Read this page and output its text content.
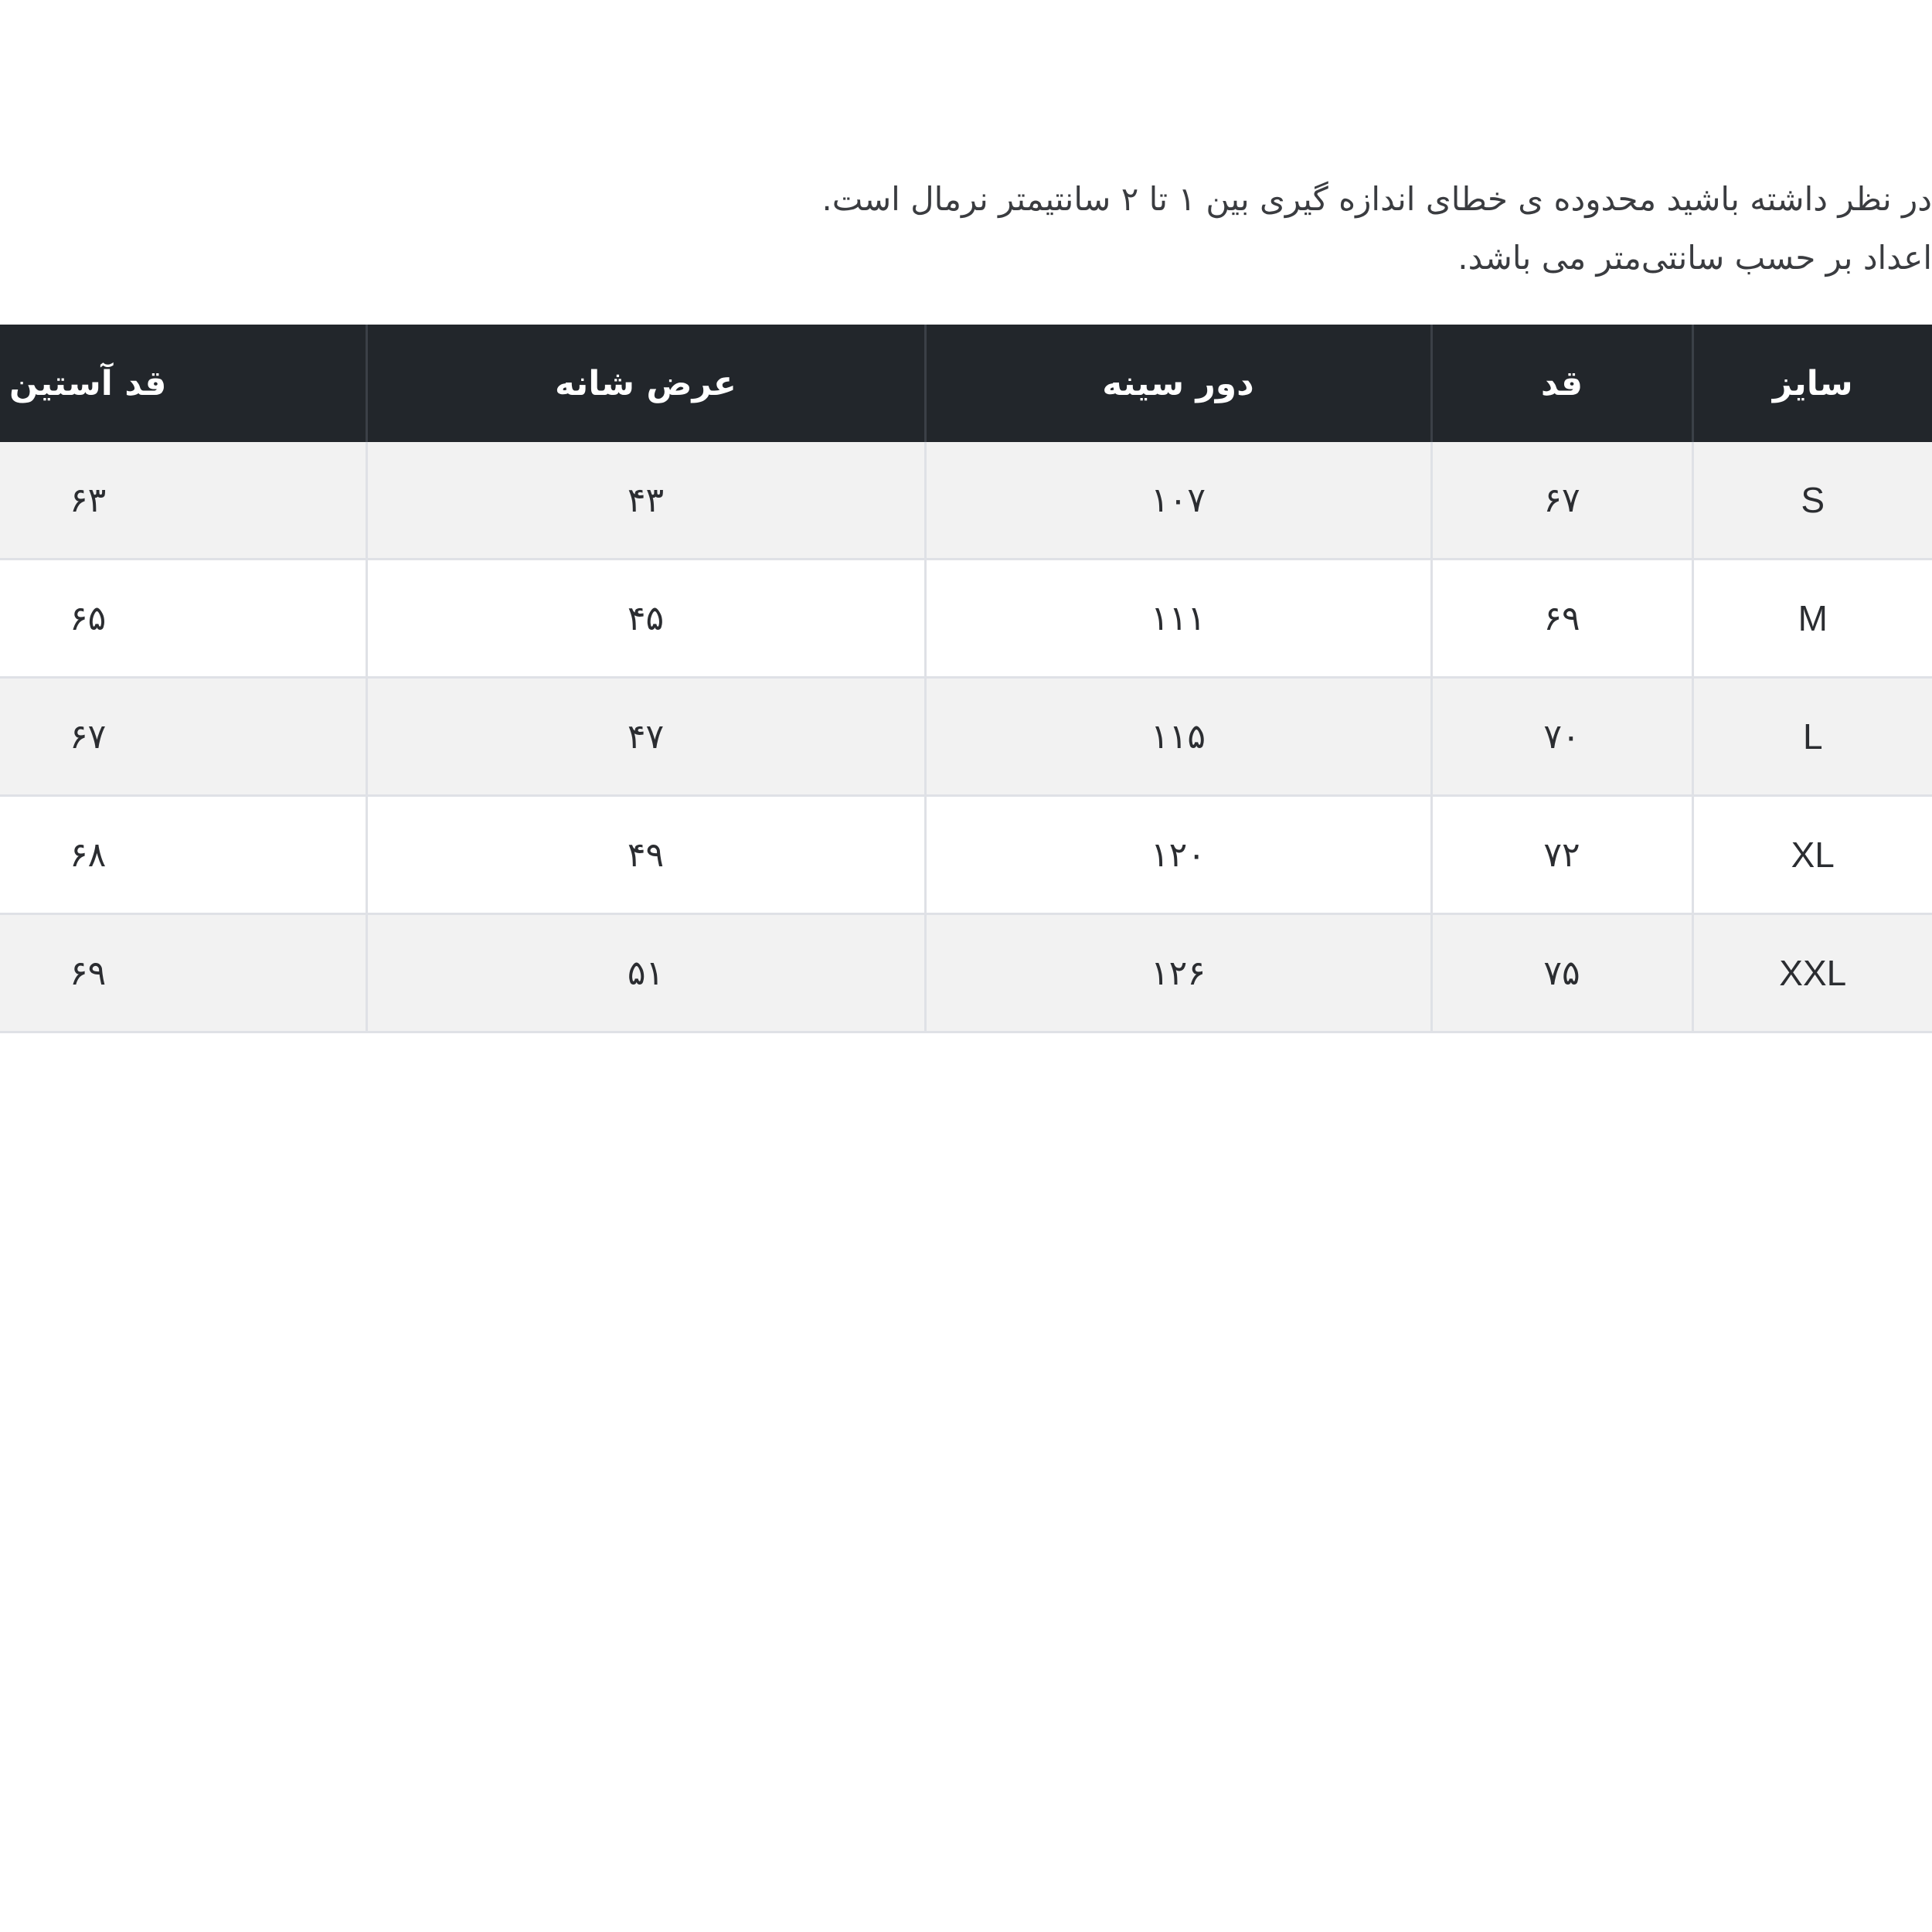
در نظر داشته باشید محدوده ی خطای اندازه گیری بین ۱ تا ۲ سانتیمتر نرمال است.
اعداد بر حسب سانتی‌متر می باشد.
سایز	قد	دور سینه	عرض شانه	قد آستین
S	۶۷	۱۰۷	۴۳	۶۳
M	۶۹	۱۱۱	۴۵	۶۵
L	۷۰	۱۱۵	۴۷	۶۷
XL	۷۲	۱۲۰	۴۹	۶۸
XXL	۷۵	۱۲۶	۵۱	۶۹
